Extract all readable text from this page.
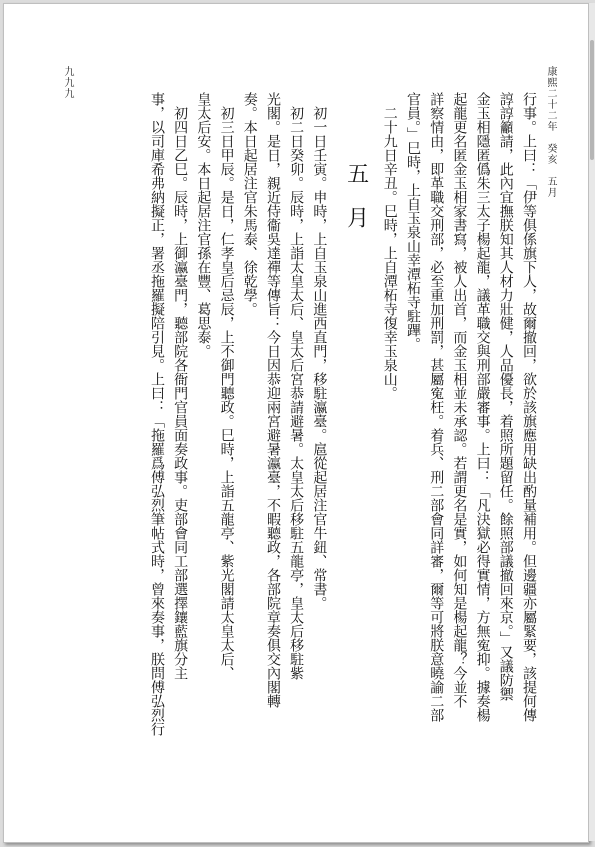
康熙二十二年　癸亥　五月
九九九

行事。上曰：「伊等俱係旗下人，故爾撤回，欲於該旗應用缺出酌量補用。但邊疆亦屬緊要，該提何傳

諄諄籲請，此內宜撫朕知其人材力壯健，人品優長，着照所題留任。餘照部議撤回來京。」又議防禦

金玉相隱匿僞朱三太子楊起龍，議革職交與刑部嚴審事。上曰：「凡決獄必得實情，方無寃抑。據奏楊

起龍更名匿金玉相家書寫，被人出首，而金玉相並未承認。若謂更名是實，如何知是楊起龍？今並不

詳察情由，即革職交刑部，必至重加刑罰，甚屬寃枉。着兵、刑二部會同詳審，爾等可將朕意曉諭二部

官員。」巳時，上自玉泉山幸潭柘寺駐蹕。

二十九日辛丑。巳時，上自潭柘寺復幸玉泉山。

五月

初一日壬寅。申時，上自玉泉山進西直門，移駐瀛臺。扈從起居注官牛鈕、常書。

初二日癸卯。辰時，上詣太皇太后、皇太后宮恭請避暑。太皇太后移駐五龍亭，皇太后移駐紫

光閣。是日，親近侍衞吳達禪等傳旨：今日因恭迎兩宮避暑瀛臺，不暇聽政，各部院章奏俱交內閣轉

奏。本日起居注官朱馬泰、徐乾學。

初三日甲辰。是日，仁孝皇后忌辰，上不御門聽政。巳時，上詣五龍亭、紫光閣請太皇太后、

皇太后安。本日起居注官孫在豐、葛思泰。

初四日乙巳。辰時，上御瀛臺門，聽部院各衙門官員面奏政事。吏部會同工部選擇鑲藍旗分主

事，以司庫希弗納擬正，署丞拖羅擬陪引見。上曰：「拖羅爲傅弘烈筆帖式時，曾來奏事，朕問傅弘烈行
